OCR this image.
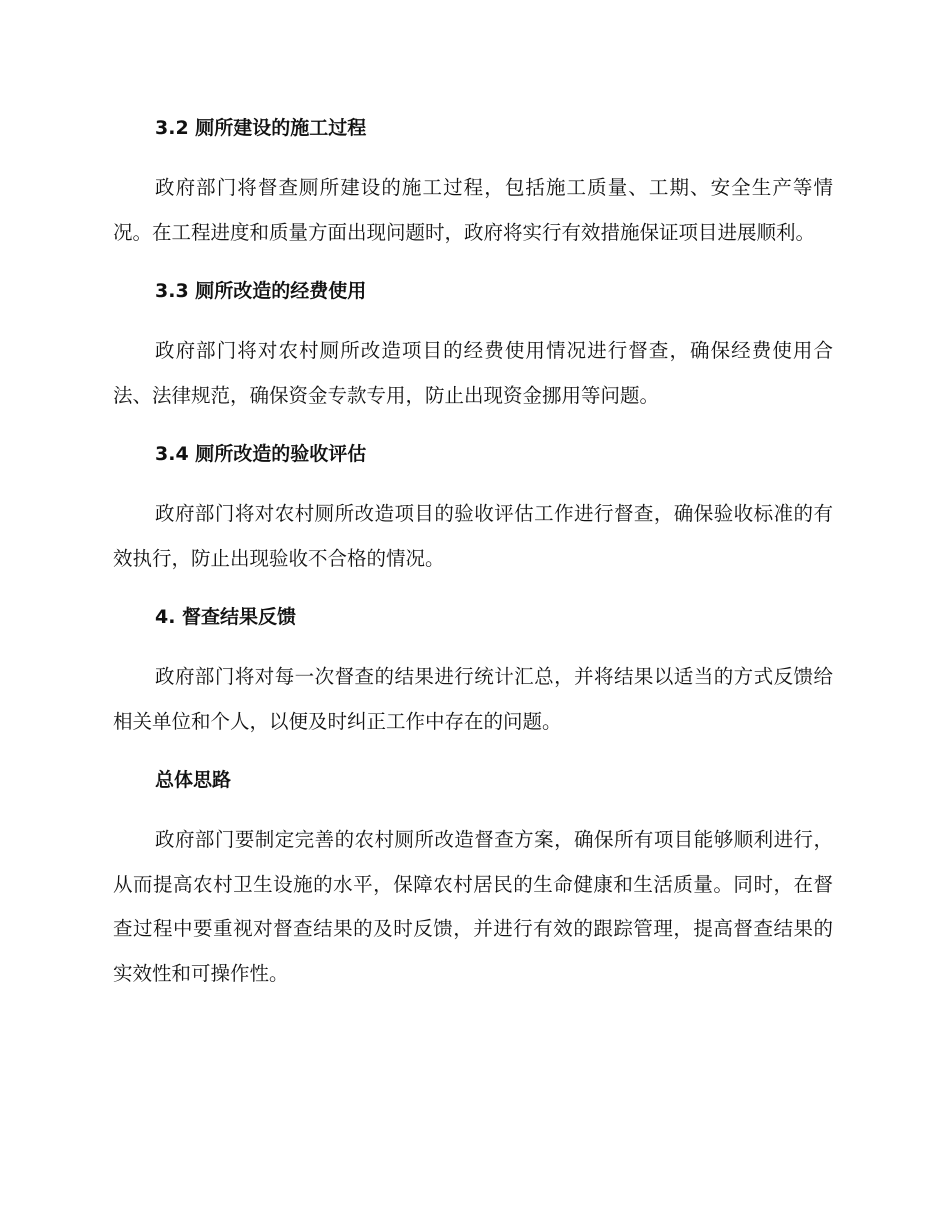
3.2 厕所建设的施工过程

政府部门将督查厕所建设的施工过程，包括施工质量、工期、安全生产等情况。在工程进度和质量方面出现问题时，政府将实行有效措施保证项目进展顺利。

3.3 厕所改造的经费使用

政府部门将对农村厕所改造项目的经费使用情况进行督查，确保经费使用合法、法律规范，确保资金专款专用，防止出现资金挪用等问题。

3.4 厕所改造的验收评估

政府部门将对农村厕所改造项目的验收评估工作进行督查，确保验收标准的有效执行，防止出现验收不合格的情况。

4. 督查结果反馈

政府部门将对每一次督查的结果进行统计汇总，并将结果以适当的方式反馈给相关单位和个人，以便及时纠正工作中存在的问题。

总体思路

政府部门要制定完善的农村厕所改造督查方案，确保所有项目能够顺利进行，从而提高农村卫生设施的水平，保障农村居民的生命健康和生活质量。同时，在督查过程中要重视对督查结果的及时反馈，并进行有效的跟踪管理，提高督查结果的实效性和可操作性。
